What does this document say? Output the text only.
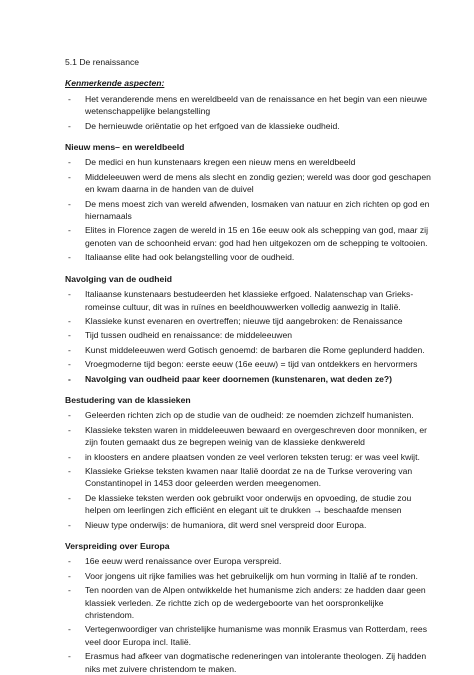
5.1 De renaissance
Kenmerkende aspecten:
- Het veranderende mens en wereldbeeld van de renaissance en het begin van een nieuwe wetenschappelijke belangstelling
- De hernieuwde oriëntatie op het erfgoed van de klassieke oudheid.
Nieuw mens– en wereldbeeld
- De medici en hun kunstenaars kregen een nieuw mens en wereldbeeld
- Middeleeuwen werd de mens als slecht en zondig gezien; wereld was door god geschapen en kwam daarna in de handen van de duivel
- De mens moest zich van wereld afwenden, losmaken van natuur en zich richten op god en hiernamaals
- Elites in Florence zagen de wereld in 15 en 16e eeuw ook als schepping van god, maar zij genoten van de schoonheid ervan: god had hen uitgekozen om de schepping te voltooien.
- Italiaanse elite had ook belangstelling voor de oudheid.
Navolging van de oudheid
- Italiaanse kunstenaars bestudeerden het klassieke erfgoed. Nalatenschap van Grieks-romeinse cultuur, dit was in ruïnes en beeldhouwwerken volledig aanwezig in Italië.
- Klassieke kunst evenaren en overtreffen; nieuwe tijd aangebroken: de Renaissance
- Tijd tussen oudheid en renaissance: de middeleeuwen
- Kunst middeleeuwen werd Gotisch genoemd: de barbaren die Rome geplunderd hadden.
- Vroegmoderne tijd begon: eerste eeuw (16e eeuw) = tijd van ontdekkers en hervormers
- Navolging van oudheid paar keer doornemen (kunstenaren, wat deden ze?)
Bestudering van de klassieken
- Geleerden richten zich op de studie van de oudheid: ze noemden zichzelf humanisten.
- Klassieke teksten waren in middeleeuwen bewaard en overgeschreven door monniken, er zijn fouten gemaakt dus ze begrepen weinig van de klassieke denkwereld
- in kloosters en andere plaatsen vonden ze veel verloren teksten terug: er was veel kwijt.
- Klassieke Griekse teksten kwamen naar Italië doordat ze na de Turkse verovering van Constantinopel in 1453 door geleerden werden meegenomen.
- De klassieke teksten werden ook gebruikt voor onderwijs en opvoeding, de studie zou helpen om leerlingen zich efficiënt en elegant uit te drukken → beschaafde mensen
- Nieuw type onderwijs: de humaniora, dit werd snel verspreid door Europa.
Verspreiding over Europa
- 16e eeuw werd renaissance over Europa verspreid.
- Voor jongens uit rijke families was het gebruikelijk om hun vorming in Italië af te ronden.
- Ten noorden van de Alpen ontwikkelde het humanisme zich anders: ze hadden daar geen klassiek verleden. Ze richtte zich op de wedergeboorte van het oorspronkelijke christendom.
- Vertegenwoordiger van christelijke humanisme was monnik Erasmus van Rotterdam, rees veel door Europa incl. Italië.
- Erasmus had afkeer van dogmatische redeneringen van intolerante theologen. Zij hadden niks met zuivere christendom te maken.
